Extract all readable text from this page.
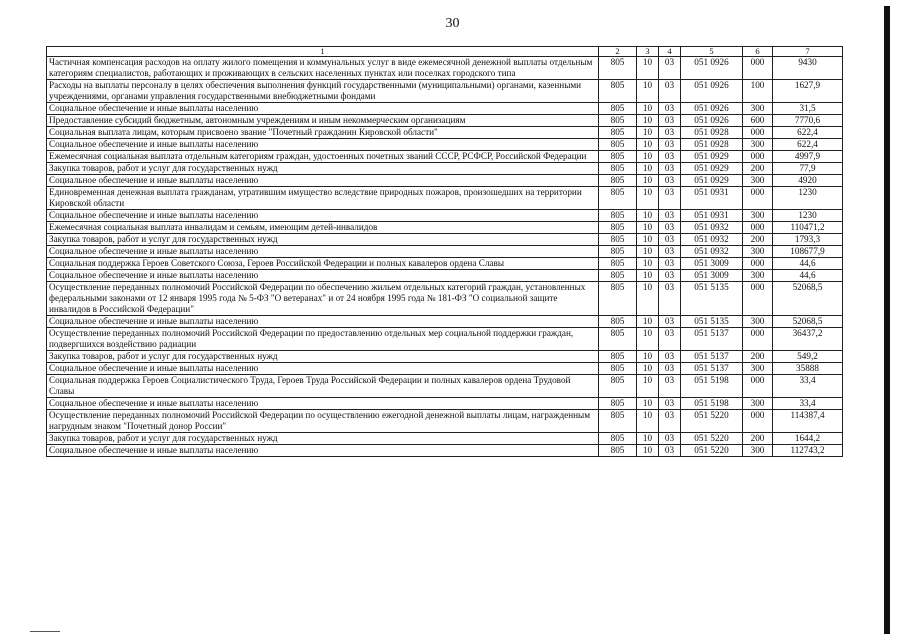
30
1	2	3	4	5	6	7
Частичная компенсация расходов на оплату жилого помещения и коммунальных услуг в виде ежемесячной денежной выплаты отдельным категориям специалистов, работающих и проживающих в сельских населенных пунктах или поселках городского типа	805	10	03	051 0926	000	9430
Расходы на выплаты персоналу в целях обеспечения выполнения функций государственными (муниципальными) органами, казенными учреждениями, органами управления государственными внебюджетными фондами	805	10	03	051 0926	100	1627,9
Социальное обеспечение и иные выплаты населению	805	10	03	051 0926	300	31,5
Предоставление субсидий бюджетным, автономным учреждениям и иным некоммерческим организациям	805	10	03	051 0926	600	7770,6
Социальная выплата лицам, которым присвоено звание "Почетный гражданин Кировской области"	805	10	03	051 0928	000	622,4
Социальное обеспечение и иные выплаты населению	805	10	03	051 0928	300	622,4
Ежемесячная социальная выплата отдельным категориям граждан, удостоенных почетных званий СССР, РСФСР, Российской Федерации	805	10	03	051 0929	000	4997,9
Закупка товаров, работ и услуг для государственных нужд	805	10	03	051 0929	200	77,9
Социальное обеспечение и иные выплаты населению	805	10	03	051 0929	300	4920
Единовременная денежная выплата гражданам, утратившим имущество вследствие природных пожаров, произошедших на территории Кировской области	805	10	03	051 0931	000	1230
Социальное обеспечение и иные выплаты населению	805	10	03	051 0931	300	1230
Ежемесячная социальная выплата инвалидам и семьям, имеющим детей-инвалидов	805	10	03	051 0932	000	110471,2
Закупка товаров, работ и услуг для государственных нужд	805	10	03	051 0932	200	1793,3
Социальное обеспечение и иные выплаты населению	805	10	03	051 0932	300	108677,9
Социальная поддержка Героев Советского Союза, Героев Российской Федерации и полных кавалеров ордена Славы	805	10	03	051 3009	000	44,6
Социальное обеспечение и иные выплаты населению	805	10	03	051 3009	300	44,6
Осуществление переданных полномочий Российской Федерации по обеспечению жильем отдельных категорий граждан, установленных федеральными законами от 12 января 1995 года № 5-ФЗ "О ветеранах" и от 24 ноября 1995 года № 181-ФЗ "О социальной защите инвалидов в Российской Федерации"	805	10	03	051 5135	000	52068,5
Социальное обеспечение и иные выплаты населению	805	10	03	051 5135	300	52068,5
Осуществление переданных полномочий Российской Федерации по предоставлению отдельных мер социальной поддержки граждан, подвергшихся воздействию радиации	805	10	03	051 5137	000	36437,2
Закупка товаров, работ и услуг для государственных нужд	805	10	03	051 5137	200	549,2
Социальное обеспечение и иные выплаты населению	805	10	03	051 5137	300	35888
Социальная поддержка Героев Социалистического Труда, Героев Труда Российской Федерации и полных кавалеров ордена Трудовой Славы	805	10	03	051 5198	000	33,4
Социальное обеспечение и иные выплаты населению	805	10	03	051 5198	300	33,4
Осуществление переданных полномочий Российской Федерации по осуществлению ежегодной денежной выплаты лицам, награжденным нагрудным знаком "Почетный донор России"	805	10	03	051 5220	000	114387,4
Закупка товаров, работ и услуг для государственных нужд	805	10	03	051 5220	200	1644,2
Социальное обеспечение и иные выплаты населению	805	10	03	051 5220	300	112743,2
